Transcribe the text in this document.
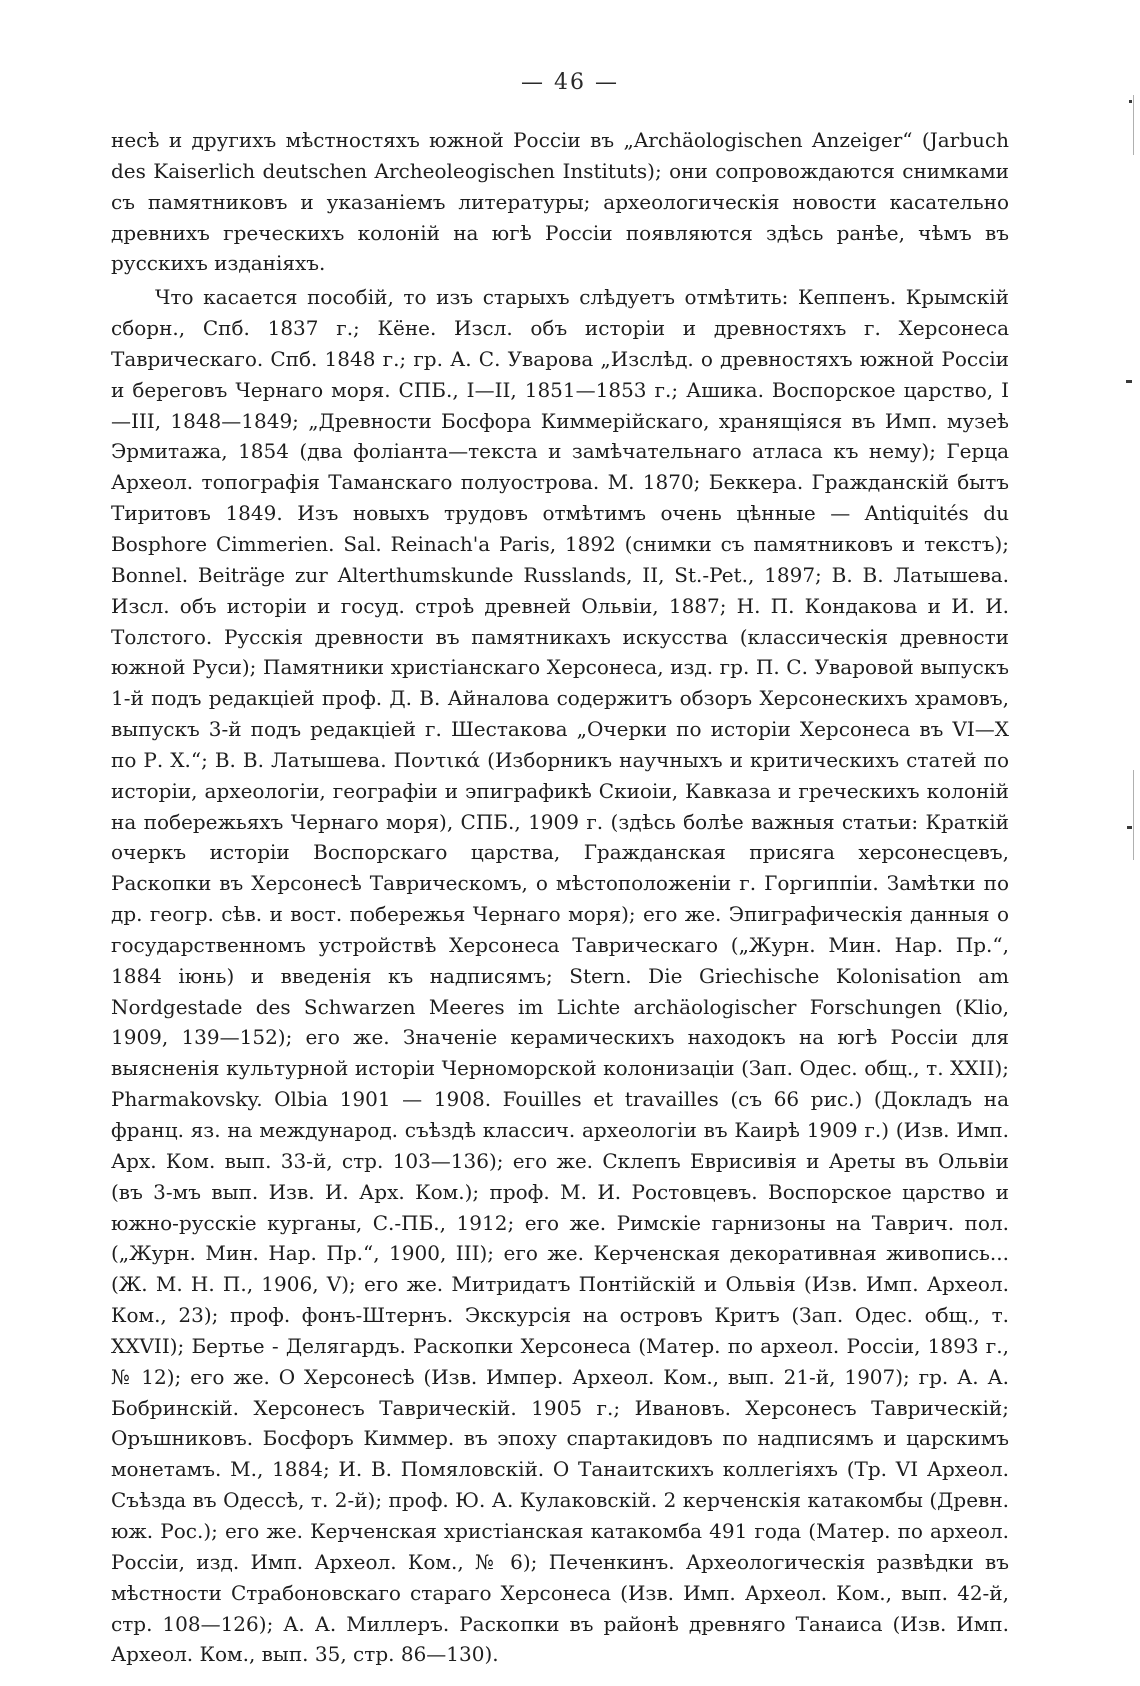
— 46 —

несѣ и другихъ мѣстностяхъ южной Россіи въ „Archäologischen Anzeiger“ (Jarbuch des Kaiserlich deutschen Archeoleogischen Instituts); они сопровождаются снимками съ памятниковъ и указаніемъ литературы; археологическія новости касательно древнихъ греческихъ колоній на югѣ Россіи появляются здѣсь ранѣе, чѣмъ въ русскихъ изданіяхъ.

Что касается пособій, то изъ старыхъ слѣдуетъ отмѣтить: Кеппенъ. Крымскій сборн., Спб. 1837 г.; Кёне. Изсл. объ исторіи и древностяхъ г. Херсонеса Таврическаго. Спб. 1848 г.; гр. А. С. Уварова „Изслѣд. о древностяхъ южной Россіи и береговъ Чернаго моря. СПБ., I—II, 1851—1853 г.; Ашика. Воспорское царство, I—III, 1848—1849; „Древности Босфора Киммерійскаго, хранящіяся въ Имп. музеѣ Эрмитажа, 1854 (два фоліанта—текста и замѣчательнаго атласа къ нему); Герца Археол. топографія Таманскаго полуострова. М. 1870; Беккера. Гражданскій бытъ Тиритовъ 1849. Изъ новыхъ трудовъ отмѣтимъ очень цѣнные — Antiquités du Bosphore Cimmerien. Sal. Reinach'а Paris, 1892 (снимки съ памятниковъ и текстъ); Bonnel. Beiträge zur Alterthumskunde Russlands, II, St.-Pet., 1897; В. В. Латышева. Изсл. объ исторіи и госуд. строѣ древней Ольвіи, 1887; Н. П. Кондакова и И. И. Толстого. Русскія древности въ памятникахъ искусства (классическія древности южной Руси); Памятники христіанскаго Херсонеса, изд. гр. П. С. Уваровой выпускъ 1-й подъ редакціей проф. Д. В. Айналова содержитъ обзоръ Херсонескихъ храмовъ, выпускъ 3-й подъ редакціей г. Шестакова „Очерки по исторіи Херсонеса въ VI—X по Р. Х.“; В. В. Латышева. Ποντικά (Изборникъ научныхъ и критическихъ статей по исторіи, археологіи, географіи и эпиграфикѣ Скиоіи, Кавказа и греческихъ колоній на побережьяхъ Чернаго моря), СПБ., 1909 г. (здѣсь болѣе важныя статьи: Краткій очеркъ исторіи Воспорскаго царства, Гражданская присяга херсонесцевъ, Раскопки въ Херсонесѣ Таврическомъ, о мѣстоположеніи г. Горгиппіи. Замѣтки по др. геогр. сѣв. и вост. побережья Чернаго моря); его же. Эпиграфическія данныя о государственномъ устройствѣ Херсонеса Таврическаго („Журн. Мин. Нар. Пр.“, 1884 іюнь) и введенія къ надписямъ; Stern. Die Griechische Kolonisation am Nordgestade des Schwarzen Meeres im Lichte archäologischer Forschungen (Klio, 1909, 139—152); его же. Значеніе керамическихъ находокъ на югѣ Россіи для выясненія культурной исторіи Черноморской колонизаціи (Зап. Одес. общ., т. XXII); Pharmakovsky. Olbia 1901 — 1908. Fouilles et travailles (съ 66 рис.) (Докладъ на франц. яз. на международ. съѣздѣ классич. археологіи въ Каирѣ 1909 г.) (Изв. Имп. Арх. Ком. вып. 33-й, стр. 103—136); его же. Склепъ Еврисивія и Ареты въ Ольвіи (въ 3-мъ вып. Изв. И. Арх. Ком.); проф. М. И. Ростовцевъ. Воспорское царство и южно-русскіе курганы, С.-ПБ., 1912; его же. Римскіе гарнизоны на Таврич. пол. („Журн. Мин. Нар. Пр.“, 1900, III); его же. Керченская декоративная живопись... (Ж. М. Н. П., 1906, V); его же. Митридатъ Понтійскій и Ольвія (Изв. Имп. Археол. Ком., 23); проф. фонъ-Штернъ. Экскурсія на островъ Критъ (Зап. Одес. общ., т. XXVII); Бертье - Делягардъ. Раскопки Херсонеса (Матер. по археол. Россіи, 1893 г., № 12); его же. О Херсонесѣ (Изв. Импер. Археол. Ком., вып. 21-й, 1907); гр. А. А. Бобринскій. Херсонесъ Таврическій. 1905 г.; Ивановъ. Херсонесъ Таврическій; Оръшниковъ. Босфоръ Киммер. въ эпоху спартакидовъ по надписямъ и царскимъ монетамъ. М., 1884; И. В. Помяловскій. О Танаитскихъ коллегіяхъ (Тр. VI Археол. Съѣзда въ Одессѣ, т. 2-й); проф. Ю. А. Кулаковскій. 2 керченскія катакомбы (Древн. юж. Рос.); его же. Керченская христіанская катакомба 491 года (Матер. по археол. Россіи, изд. Имп. Археол. Ком., № 6); Печенкинъ. Археологическія развѣдки въ мѣстности Страбоновскаго стараго Херсонеса (Изв. Имп. Археол. Ком., вып. 42-й, стр. 108—126); А. А. Миллеръ. Раскопки въ районѣ древняго Танаиса (Изв. Имп. Археол. Ком., вып. 35, стр. 86—130).
